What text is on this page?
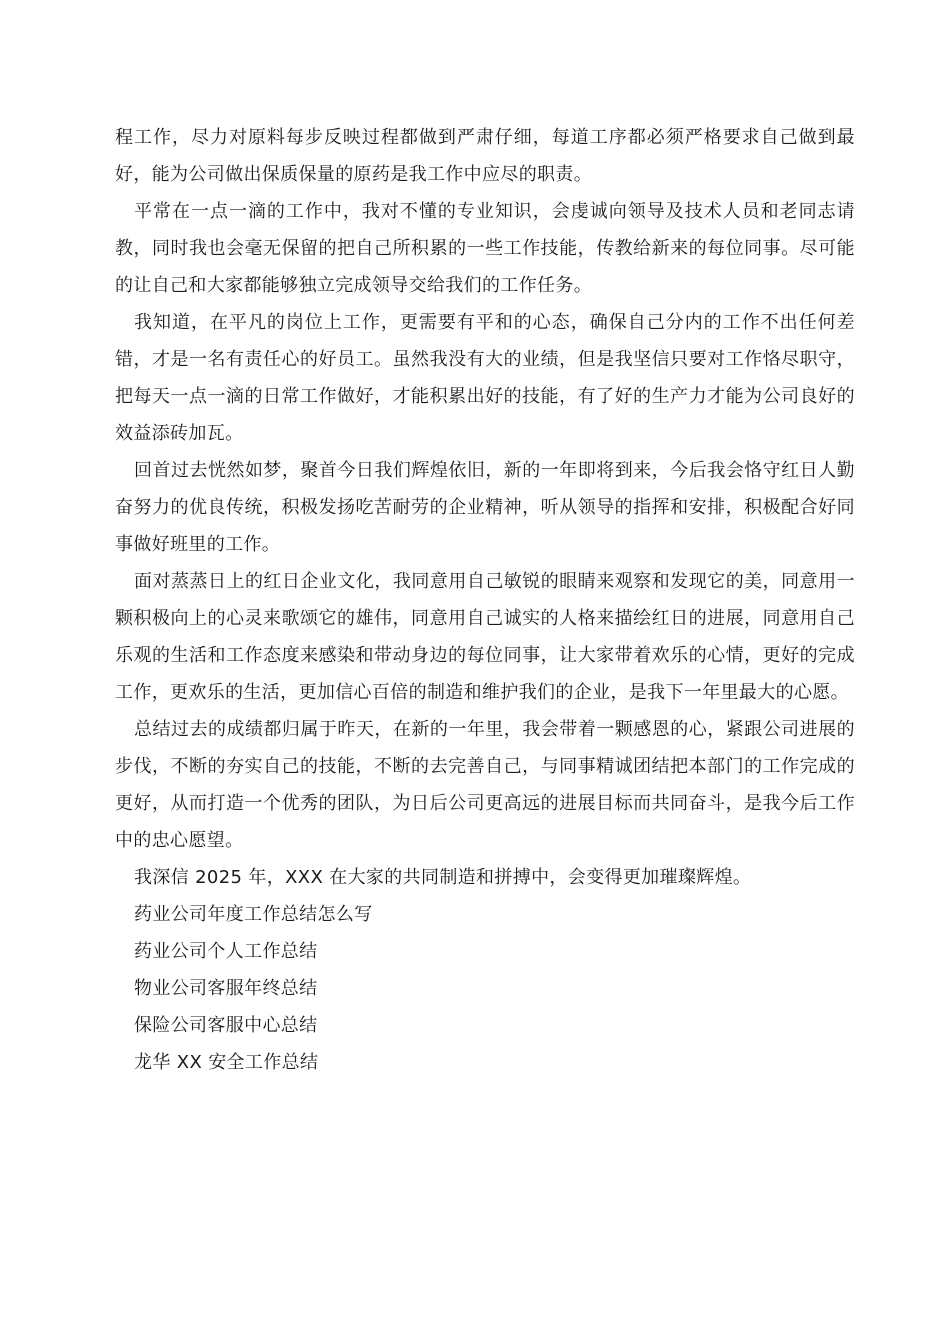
程工作，尽力对原料每步反映过程都做到严肃仔细，每道工序都必须严格要求自己做到最好，能为公司做出保质保量的原药是我工作中应尽的职责。

平常在一点一滴的工作中，我对不懂的专业知识，会虔诚向领导及技术人员和老同志请教，同时我也会毫无保留的把自己所积累的一些工作技能，传教给新来的每位同事。尽可能的让自己和大家都能够独立完成领导交给我们的工作任务。

我知道，在平凡的岗位上工作，更需要有平和的心态，确保自己分内的工作不出任何差错，才是一名有责任心的好员工。虽然我没有大的业绩，但是我坚信只要对工作恪尽职守，把每天一点一滴的日常工作做好，才能积累出好的技能，有了好的生产力才能为公司良好的效益添砖加瓦。

回首过去恍然如梦，聚首今日我们辉煌依旧，新的一年即将到来，今后我会恪守红日人勤奋努力的优良传统，积极发扬吃苦耐劳的企业精神，听从领导的指挥和安排，积极配合好同事做好班里的工作。

面对蒸蒸日上的红日企业文化，我同意用自己敏锐的眼睛来观察和发现它的美，同意用一颗积极向上的心灵来歌颂它的雄伟，同意用自己诚实的人格来描绘红日的进展，同意用自己乐观的生活和工作态度来感染和带动身边的每位同事，让大家带着欢乐的心情，更好的完成工作，更欢乐的生活，更加信心百倍的制造和维护我们的企业，是我下一年里最大的心愿。

总结过去的成绩都归属于昨天，在新的一年里，我会带着一颗感恩的心，紧跟公司进展的步伐，不断的夯实自己的技能，不断的去完善自己，与同事精诚团结把本部门的工作完成的更好，从而打造一个优秀的团队，为日后公司更高远的进展目标而共同奋斗，是我今后工作中的忠心愿望。

我深信 2025 年，XXX 在大家的共同制造和拼搏中，会变得更加璀璨辉煌。

药业公司年度工作总结怎么写

药业公司个人工作总结

物业公司客服年终总结

保险公司客服中心总结

龙华 XX 安全工作总结
